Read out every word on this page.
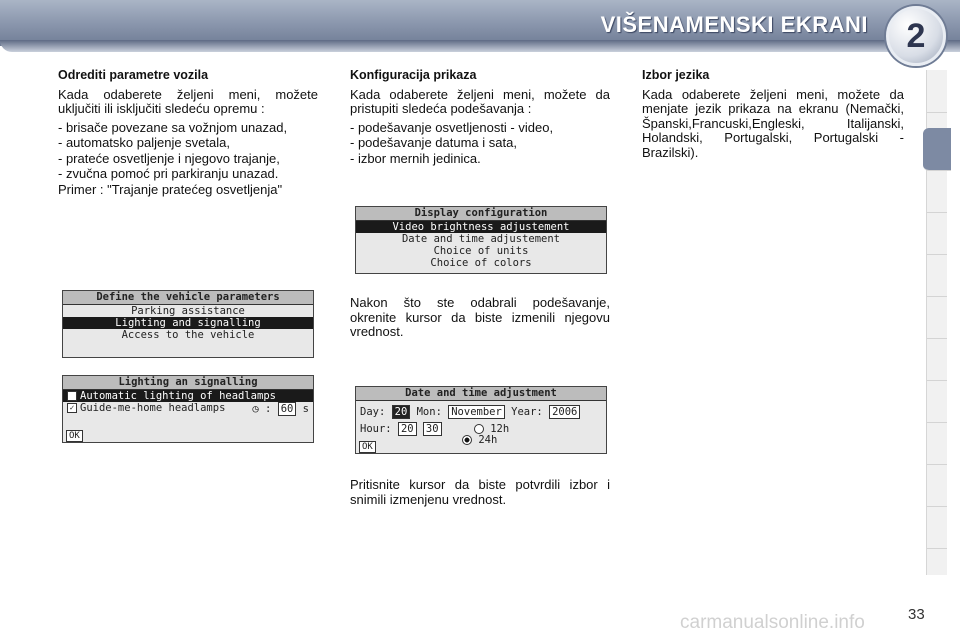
VIŠENAMENSKI EKRANI	2
Odrediti parametre vozila

Kada odaberete željeni meni, možete uključiti ili isključiti sledeću opremu :

- brisače povezane sa vožnjom unazad,
- automatsko paljenje svetala,
- prateće osvetljenje i njegovo trajanje,
- zvučna pomoć pri parkiranju unazad.

Primer : "Trajanje pratećeg osvetljenja"

Define the vehicle parameters
Parking assistance
Lighting and signalling
Access to the vehicle
Lighting an signalling
Automatic lighting of headlamps
✓ Guide-me-home headlamps	◷ : 60 s
OK
Konfiguracija prikaza

Kada odaberete željeni meni, možete da pristupiti sledeća podešavanja :

- podešavanje osvetljenosti - video,
- podešavanje datuma i sata,
- izbor mernih jedinica.
Display configuration
Video brightness adjustement
Date and time adjustement
Choice of units
Choice of colors

Nakon što ste odabrali podešavanje, okrenite kursor da biste izmenili njegovu vrednost.

Date and time adjustment
Day: 20 Mon: November Year: 2006
Hour: 20 30	12h
24h
OK

Pritisnite kursor da biste potvrdili izbor i snimili izmenjenu vrednost.

Izbor jezika

Kada odaberete željeni meni, možete da menjate jezik prikaza na ekranu (Nemački, Španski,Francuski,Engleski, Italijanski, Holandski, Portugalski, Portugalski - Brazilski).

carmanualsonline.info	33
